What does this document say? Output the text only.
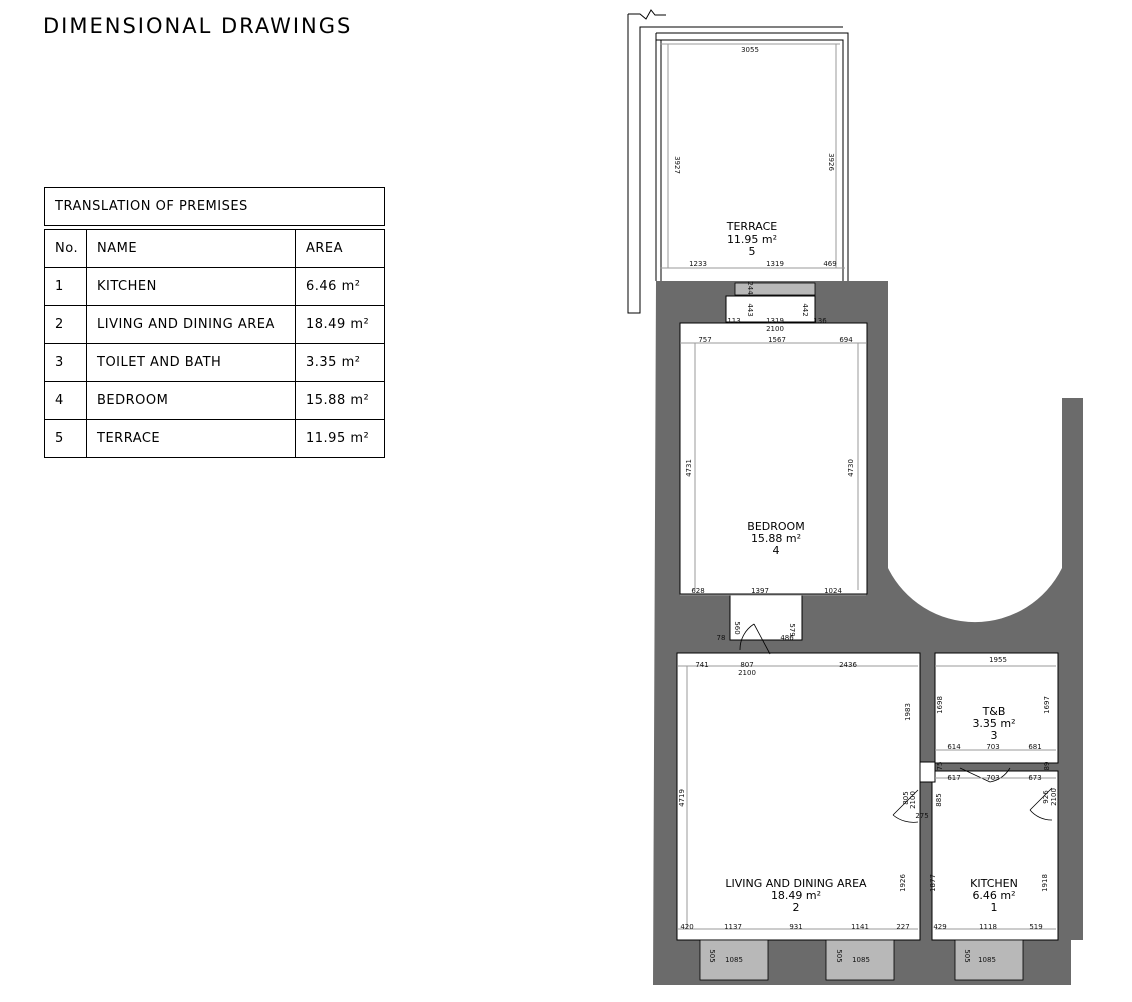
DIMENSIONAL DRAWINGS
TRANSLATION OF PREMISES		

No.	NAME	AREA
1	KITCHEN	6.46 m²
2	LIVING AND DINING AREA	18.49 m²
3	TOILET AND BATH	3.35 m²
4	BEDROOM	15.88 m²
5	TERRACE	11.95 m²
3055
3927	3926
1233	1319	469
244
443	442
113	1319
2100
136
757	1567	694
4731	4730
628	1397	1024
560
78
579
486
741	807
2100
2436
4719
1983
1926
805 2100
275
420	1137	931	1141	227
505 1085	505 1085	505 1085
1955
1698	1697
614	703	681
75	89
617	703	673
885
1877	1918
926 2100
429	1118	519
TERRACE
11.95 m²
5
BEDROOM
15.88 m²
4
LIVING AND DINING AREA
18.49 m²
2
T&B
3.35 m²
3
KITCHEN
6.46 m²
1
